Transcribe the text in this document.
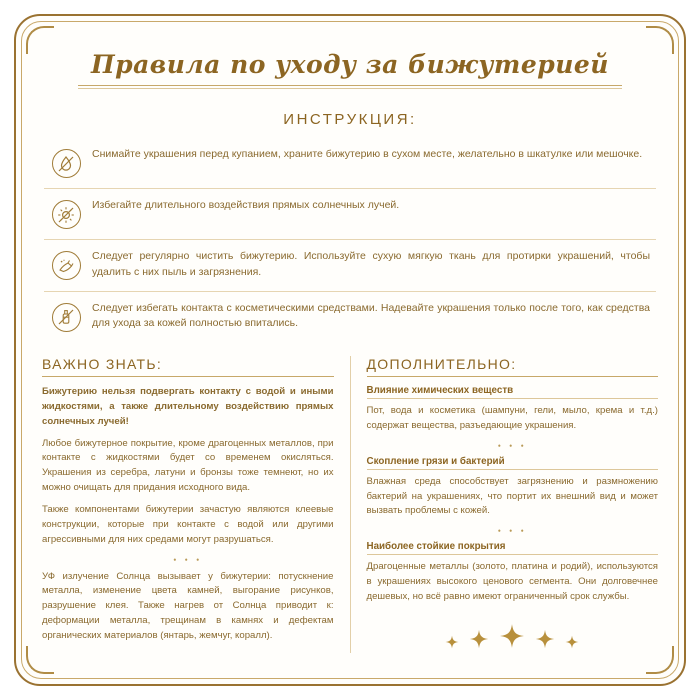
Правила по уходу за бижутерией
ИНСТРУКЦИЯ:
Снимайте украшения перед купанием, храните бижутерию в сухом месте, желательно в шкатулке или мешочке.
Избегайте длительного воздействия прямых солнечных лучей.
Следует регулярно чистить бижутерию. Используйте сухую мягкую ткань для протирки украшений, чтобы удалить с них пыль и загрязнения.
Следует избегать контакта с косметическими средствами. Надевайте украшения только после того, как средства для ухода за кожей полностью впитались.
ВАЖНО ЗНАТЬ:

Бижутерию нельзя подвергать контакту с водой и иными жидкостями, а также длительному воздействию прямых солнечных лучей!

Любое бижутерное покрытие, кроме драгоценных металлов, при контакте с жидкостями будет со временем окисляться. Украшения из серебра, латуни и бронзы тоже темнеют, но их можно очищать для придания исходного вида.

Также компонентами бижутерии зачастую являются клеевые конструкции, которые при контакте с водой или другими агрессивными для них средами могут разрушаться.

• • •

УФ излучение Солнца вызывает у бижутерии: потускнение металла, изменение цвета камней, выгорание рисунков, разрушение клея. Также нагрев от Солнца приводит к: деформации металла, трещинам в камнях и дефектам органических материалов (янтарь, жемчуг, коралл).

ДОПОЛНИТЕЛЬНО:
Влияние химических веществ

Пот, вода и косметика (шампуни, гели, мыло, крема и т.д.) содержат вещества, разъедающие украшения.

• • •
Скопление грязи и бактерий

Влажная среда способствует загрязнению и размножению бактерий на украшениях, что портит их внешний вид и может вызвать проблемы с кожей.

• • •
Наиболее стойкие покрытия

Драгоценные металлы (золото, платина и родий), используются в украшениях высокого ценового сегмента. Они долговечнее дешевых, но всё равно имеют ограниченный срок службы.
